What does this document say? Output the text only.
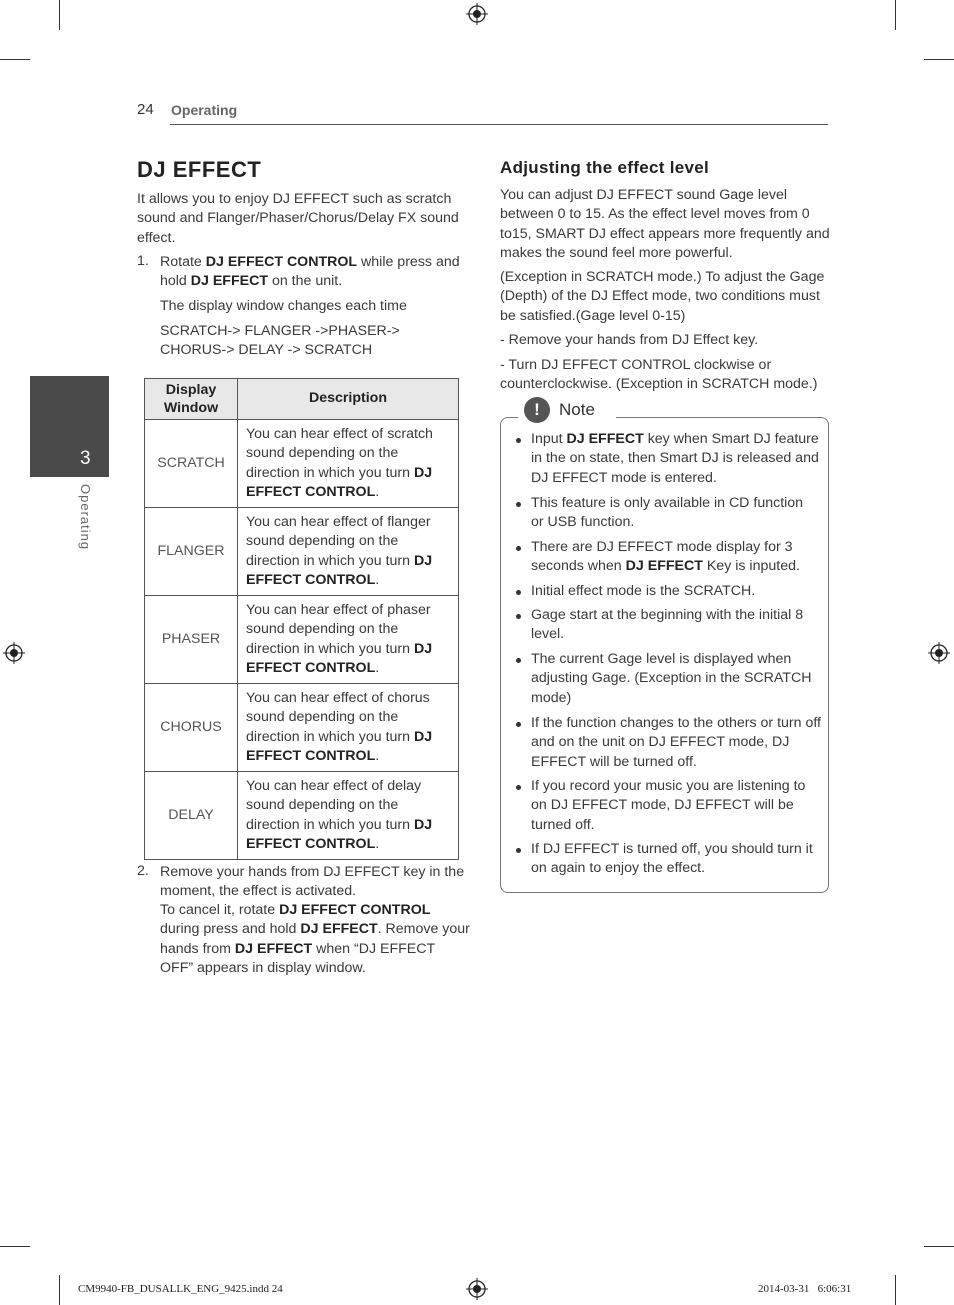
24 Operating
3
Operating
DJ EFFECT
It allows you to enjoy DJ EFFECT such as scratch sound and Flanger/Phaser/Chorus/Delay FX sound effect.
1. Rotate DJ EFFECT CONTROL while press and hold DJ EFFECT on the unit.
The display window changes each time
SCRATCH-> FLANGER ->PHASER-> CHORUS-> DELAY -> SCRATCH
Display Window	Description
SCRATCH	You can hear effect of scratch sound depending on the direction in which you turn DJ EFFECT CONTROL.
FLANGER	You can hear effect of flanger sound depending on the direction in which you turn DJ EFFECT CONTROL.
PHASER	You can hear effect of phaser sound depending on the direction in which you turn DJ EFFECT CONTROL.
CHORUS	You can hear effect of chorus sound depending on the direction in which you turn DJ EFFECT CONTROL.
DELAY	You can hear effect of delay sound depending on the direction in which you turn DJ EFFECT CONTROL.
2. Remove your hands from DJ EFFECT key in the moment, the effect is activated.
To cancel it, rotate DJ EFFECT CONTROL during press and hold DJ EFFECT. Remove your hands from DJ EFFECT when “DJ EFFECT OFF” appears in display window.
Adjusting the effect level
You can adjust DJ EFFECT sound Gage level between 0 to 15. As the effect level moves from 0 to15, SMART DJ effect appears more frequently and makes the sound feel more powerful.
(Exception in SCRATCH mode.) To adjust the Gage (Depth) of the DJ Effect mode, two conditions must be satisfied.(Gage level 0-15)
- Remove your hands from DJ Effect key.
- Turn DJ EFFECT CONTROL clockwise or counterclockwise. (Exception in SCRATCH mode.)
!	Note
Input DJ EFFECT key when Smart DJ feature in the on state, then Smart DJ is released and DJ EFFECT mode is entered.
This feature is only available in CD function or USB function.
There are DJ EFFECT mode display for 3 seconds when DJ EFFECT Key is inputed.
Initial effect mode is the SCRATCH.
Gage start at the beginning with the initial 8 level.
The current Gage level is displayed when adjusting Gage. (Exception in the SCRATCH mode)
If the function changes to the others or turn off and on the unit on DJ EFFECT mode, DJ EFFECT will be turned off.
If you record your music you are listening to on DJ EFFECT mode, DJ EFFECT will be turned off.
If DJ EFFECT is turned off, you should turn it on again to enjoy the effect.
CM9940-FB_DUSALLK_ENG_9425.indd 24	2014-03-31   6:06:31
